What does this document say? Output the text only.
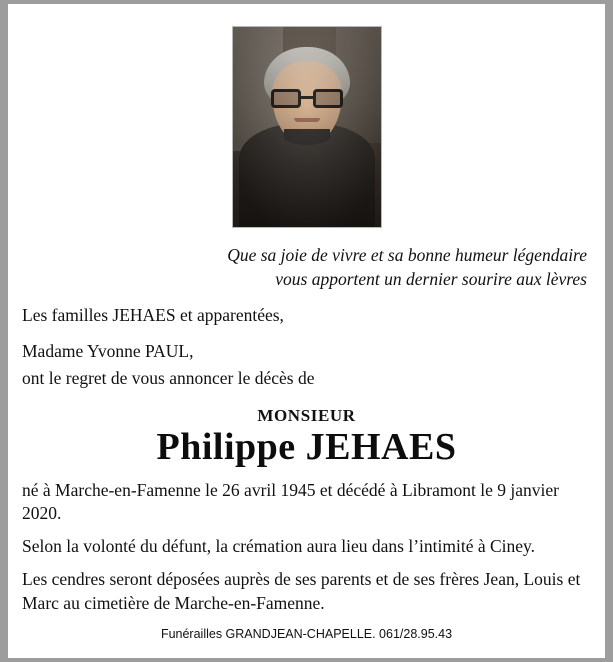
Que sa joie de vivre et sa bonne humeur légendaire
vous apportent un dernier sourire aux lèvres
Les familles JEHAES et apparentées,
Madame Yvonne PAUL,
ont le regret de vous annoncer le décès de
MONSIEUR
Philippe JEHAES
né à Marche-en-Famenne le 26 avril 1945 et décédé à Libramont le 9 janvier 2020.
Selon la volonté du défunt, la crémation aura lieu dans l’intimité à Ciney.
Les cendres seront déposées auprès de ses parents et de ses frères Jean, Louis et Marc au cimetière de Marche-en-Famenne.
Funérailles GRANDJEAN-CHAPELLE. 061/28.95.43
